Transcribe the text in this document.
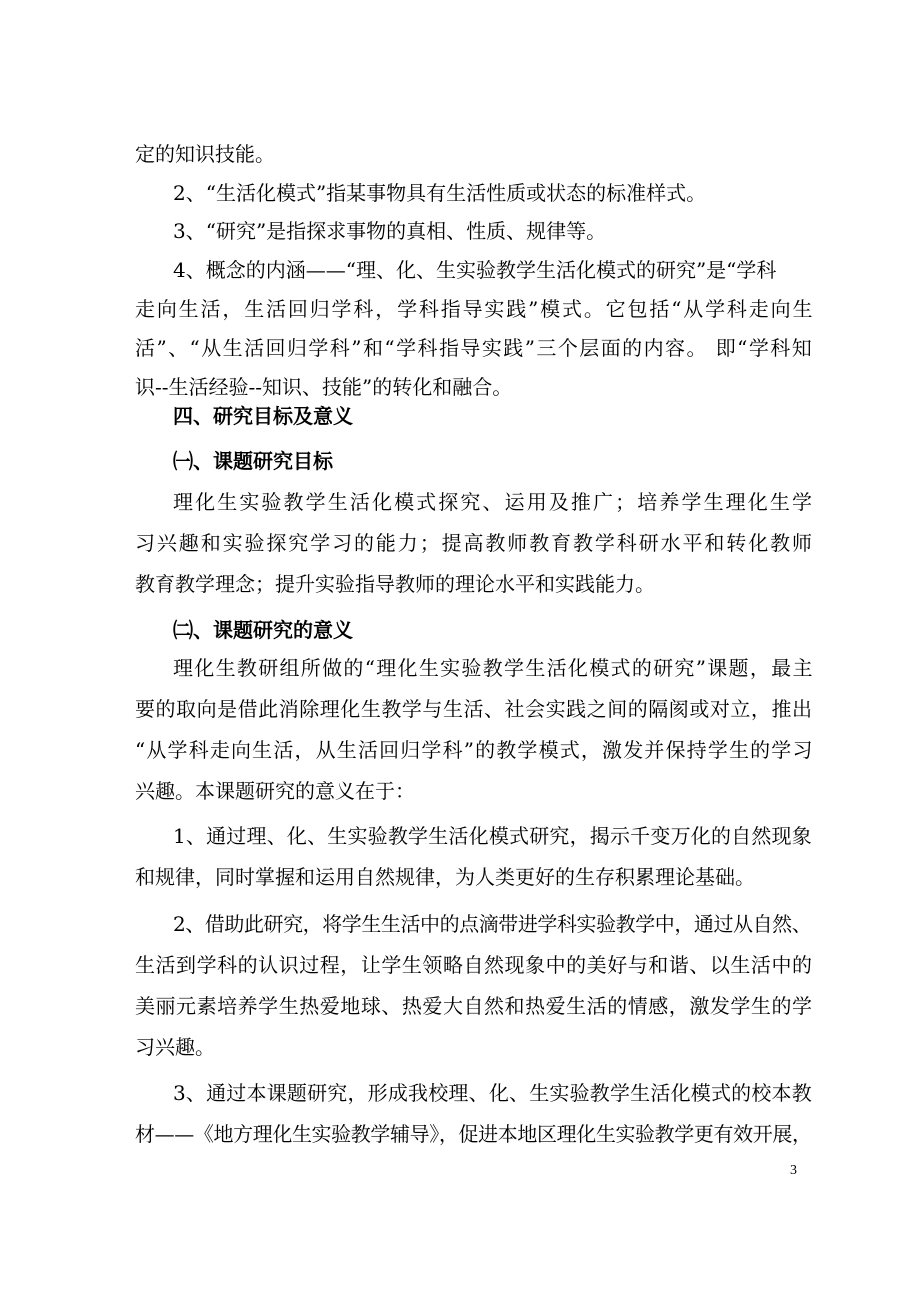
定的知识技能。
2、“生活化模式”指某事物具有生活性质或状态的标准样式。
3、“研究”是指探求事物的真相、性质、规律等。
4、概念的内涵——“理、化、生实验教学生活化模式的研究”是“学科
走向生活，生活回归学科，学科指导实践”模式。它包括“从学科走向生
活”、“从生活回归学科”和“学科指导实践”三个层面的内容。 即“学科知
识--生活经验--知识、技能”的转化和融合。
四、研究目标及意义
㈠、课题研究目标
理化生实验教学生活化模式探究、运用及推广；培养学生理化生学
习兴趣和实验探究学习的能力；提高教师教育教学科研水平和转化教师
教育教学理念；提升实验指导教师的理论水平和实践能力。
㈡、课题研究的意义
理化生教研组所做的“理化生实验教学生活化模式的研究”课题，最主
要的取向是借此消除理化生教学与生活、社会实践之间的隔阂或对立，推出
“从学科走向生活，从生活回归学科”的教学模式，激发并保持学生的学习
兴趣。本课题研究的意义在于：
1、通过理、化、生实验教学生活化模式研究，揭示千变万化的自然现象
和规律，同时掌握和运用自然规律，为人类更好的生存积累理论基础。
2、借助此研究，将学生生活中的点滴带进学科实验教学中，通过从自然、
生活到学科的认识过程，让学生领略自然现象中的美好与和谐、以生活中的
美丽元素培养学生热爱地球、热爱大自然和热爱生活的情感，激发学生的学
习兴趣。
3、通过本课题研究，形成我校理、化、生实验教学生活化模式的校本教
材——《地方理化生实验教学辅导》，促进本地区理化生实验教学更有效开展，
3
